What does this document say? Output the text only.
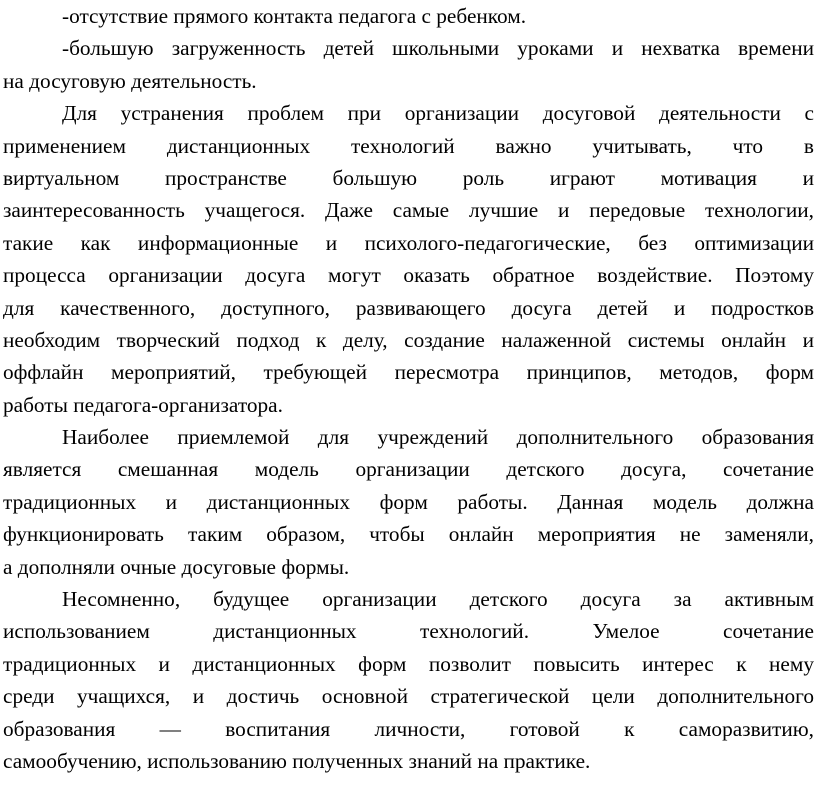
-отсутствие прямого контакта педагога с ребенком.
-большую загруженность детей школьными уроками и нехватка времени
на досуговую деятельность.
Для устранения проблем при организации досуговой деятельности с
применением дистанционных технологий важно учитывать, что в
виртуальном пространстве большую роль играют мотивация и
заинтересованность учащегося. Даже самые лучшие и передовые технологии,
такие как информационные и психолого-педагогические, без оптимизации
процесса организации досуга могут оказать обратное воздействие. Поэтому
для качественного, доступного, развивающего досуга детей и подростков
необходим творческий подход к делу, создание налаженной системы онлайн и
оффлайн мероприятий, требующей пересмотра принципов, методов, форм
работы педагога-организатора.
Наиболее приемлемой для учреждений дополнительного образования
является смешанная модель организации детского досуга, сочетание
традиционных и дистанционных форм работы. Данная модель должна
функционировать таким образом, чтобы онлайн мероприятия не заменяли,
а дополняли очные досуговые формы.
Несомненно, будущее организации детского досуга за активным
использованием дистанционных технологий. Умелое сочетание
традиционных и дистанционных форм позволит повысить интерес к нему
среди учащихся, и достичь основной стратегической цели дополнительного
образования — воспитания личности, готовой к саморазвитию,
самообучению, использованию полученных знаний на практике.
